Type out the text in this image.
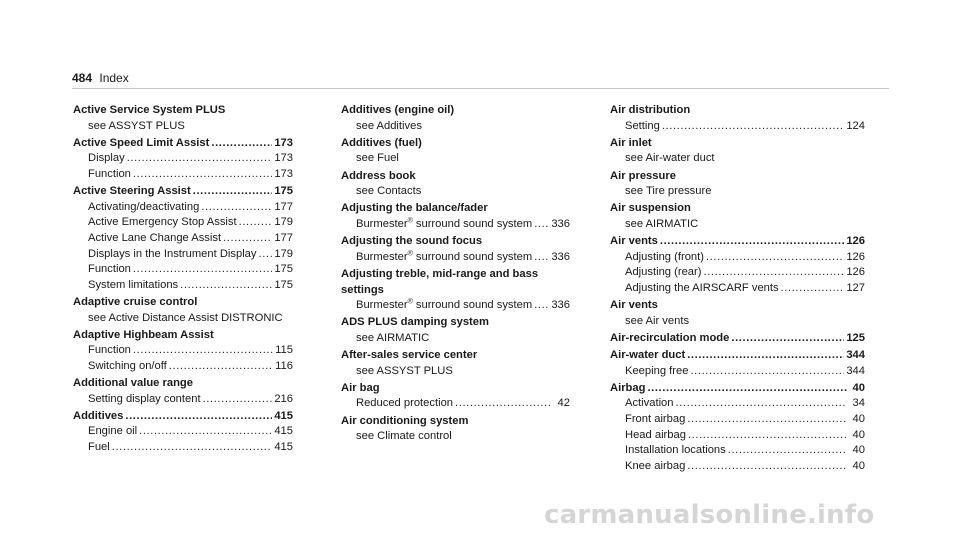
484 Index
Active Service System PLUS
see ASSYST PLUS
Active Speed Limit Assist .....	173
Display .....	173
Function .....	173
Active Steering Assist .....	175
Activating/deactivating .....	177
Active Emergency Stop Assist .....	179
Active Lane Change Assist .....	177
Displays in the Instrument Display ..... 179
Function .....	175
System limitations .....	175
Adaptive cruise control
see Active Distance Assist DISTRONIC
Adaptive Highbeam Assist
Function .....	115
Switching on/off .....	116
Additional value range
Setting display content .....	216
Additives .....	415
Engine oil .....	415
Fuel .....	415
Additives (engine oil)
see Additives
Additives (fuel)
see Fuel
Address book
see Contacts
Adjusting the balance/fader
Burmester® surround sound system ..... 336
Adjusting the sound focus
Burmester® surround sound system ..... 336
Adjusting treble, mid-range and bass
settings
Burmester® surround sound system ..... 336
ADS PLUS damping system
see AIRMATIC
After-sales service center
see ASSYST PLUS
Air bag
Reduced protection .....	42
Air conditioning system
see Climate control
Air distribution
Setting .....	124
Air inlet
see Air-water duct
Air pressure
see Tire pressure
Air suspension
see AIRMATIC
Air vents .....	126
Adjusting (front) .....	126
Adjusting (rear) .....	126
Adjusting the AIRSCARF vents .....	127
Air vents
see Air vents
Air-recirculation mode .....	125
Air-water duct .....	344
Keeping free .....	344
Airbag .....	40
Activation .....	34
Front airbag .....	40
Head airbag .....	40
Installation locations .....	40
Knee airbag .....	40
carmanualsonline.info
